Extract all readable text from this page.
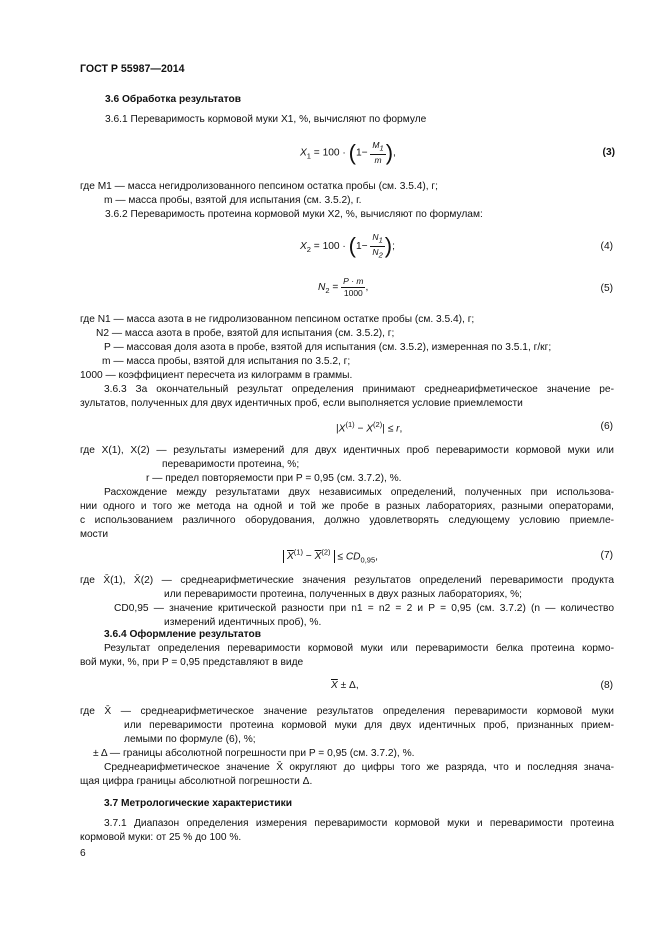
ГОСТ Р 55987—2014
3.6 Обработка результатов
3.6.1 Переваримость кормовой муки X1, %, вычисляют по формуле
$X_1 = 100 \cdot (1- \frac{M_1}{m}$ ),	(3)
где M1 — масса негидролизованного пепсином остатка пробы (см. 3.5.4), г;
m — масса пробы, взятой для испытания (см. 3.5.2), г.
3.6.2 Переваримость протеина кормовой муки X2, %, вычисляют по формулам:
$X_2 = 100 \cdot (1- \frac{N_1}{N_2}$ );	(4)
$N_2 = \frac{P \cdot m}{1000}$ ,	(5)
где N1 — масса азота в не гидролизованном пепсином остатке пробы (см. 3.5.4), г;
N2 — масса азота в пробе, взятой для испытания (см. 3.5.2), г;
P — массовая доля азота в пробе, взятой для испытания (см. 3.5.2), измеренная по 3.5.1, г/кг;
m — масса пробы, взятой для испытания по 3.5.2, г;
1000 — коэффициент пересчета из килограмм в граммы.
3.6.3 За окончательный результат определения принимают среднеарифметическое значение ре-
зультатов, полученных для двух идентичных проб, если выполняется условие приемлемости
$|X^{(1)} - X^{(2)}| \le r$,	(6)
где X(1), X(2) — результаты измерений для двух идентичных проб переваримости кормовой муки или
переваримости протеина, %;
r — предел повторяемости при P = 0,95 (см. 3.7.2), %.
Расхождение между результатами двух независимых определений, полученных при использова-
нии одного и того же метода на одной и той же пробе в разных лабораториях, разными операторами,
с использованием различного оборудования, должно удовлетворять следующему условию приемле-
мости
$\overline{X}^{(1)} - \overline{X}^{(2)} \le CD_{0,95}$,	(7)
где X̄(1), X̄(2) — среднеарифметические значения результатов определений переваримости продукта
или переваримости протеина, полученных в двух разных лабораториях, %;
CD0,95 — значение критической разности при n1 = n2 = 2 и P = 0,95 (см. 3.7.2) (n — количество
измерений идентичных проб), %.
3.6.4 Оформление результатов
Результат определения переваримости кормовой муки или переваримости белка протеина кормо-
вой муки, %, при P = 0,95 представляют в виде
$\overline{X} \pm \Delta$,	(8)
где X̄ — среднеарифметическое значение результатов определения переваримости кормовой муки
или переваримости протеина кормовой муки для двух идентичных проб, признанных прием-
лемыми по формуле (6), %;
± Δ — границы абсолютной погрешности при P = 0,95 (см. 3.7.2), %.
Среднеарифметическое значение X̄ округляют до цифры того же разряда, что и последняя знача-
щая цифра границы абсолютной погрешности Δ.
3.7 Метрологические характеристики
3.7.1 Диапазон определения измерения переваримости кормовой муки и переваримости протеина
кормовой муки: от 25 % до 100 %.
6
